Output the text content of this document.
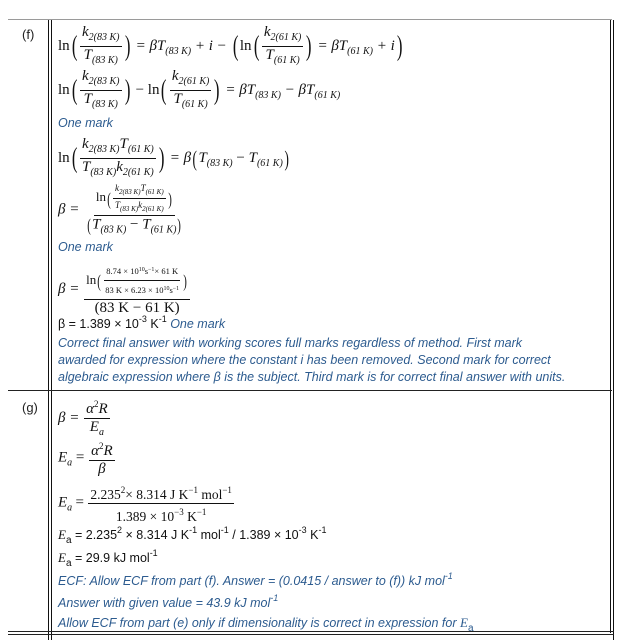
(f)
$\ln( \frac{k_{2(83 K)}}{T_{(83 K)}}$ ) = $\beta T_{(83 K)} + i$ − ( $\ln( \frac{k_{2(61 K)}}{T_{(61 K)}}$ ) = $\beta T_{(61 K)} + i$)
$\ln( \frac{k_{2(83 K)}}{T_{(83 K)}}$ ) − $\ln( \frac{k_{2(61 K)}}{T_{(61 K)}}$ ) = $\beta T_{(83 K)} - \beta T_{(61 K)}$
One mark
$\ln( \frac{k_{2(83 K)}T_{(61 K)}}{T_{(83 K)}k_{2(61 K)}}$ ) = $\beta(T_{(83 K)} - T_{(61 K)})$
$\beta = \frac{\ln( \frac{k_{2(83 K)}T_{(61 K)}}{T_{(83 K)}k_{2(61 K)}} )}{(T_{(83 K)} - T_{(61 K)})}$
One mark
$\beta = \frac{\ln( \frac{8.74 \times 10^{10}s^{-1}\times 61 K}{83 K \times 6.23 \times 10^{10}s^{-1}} )}{(83 K - 61 K)}$
$\beta = 1.389 \times 10^{-3}$ $K^{-1}$ One mark
Correct final answer with working scores full marks regardless of method. First mark
awarded for expression where the constant i has been removed. Second mark for correct
algebraic expression where β is the subject. Third mark is for correct final answer with units.
(g)
$\beta = \frac{\alpha^2R}{E_a}$
$E_a = \frac{\alpha^2R}{\beta}$
$E_a = \frac{2.235^2\times 8.314 J K^{-1} mol^{-1}}{1.389 \times 10^{-3} K^{-1}}$
$E_a = 2.235^2 \times 8.314$ J $K^{-1}$ $mol^{-1} / 1.389 \times 10^{-3}$ $K^{-1}$
$E_a = 29.9$ kJ mol$^{-1}$
ECF: Allow ECF from part (f). Answer = (0.0415 / answer to (f)) kJ mol$^{-1}$
Answer with given value = 43.9 kJ mol$^{-1}$
Allow ECF from part (e) only if dimensionality is correct in expression for $E_a$
